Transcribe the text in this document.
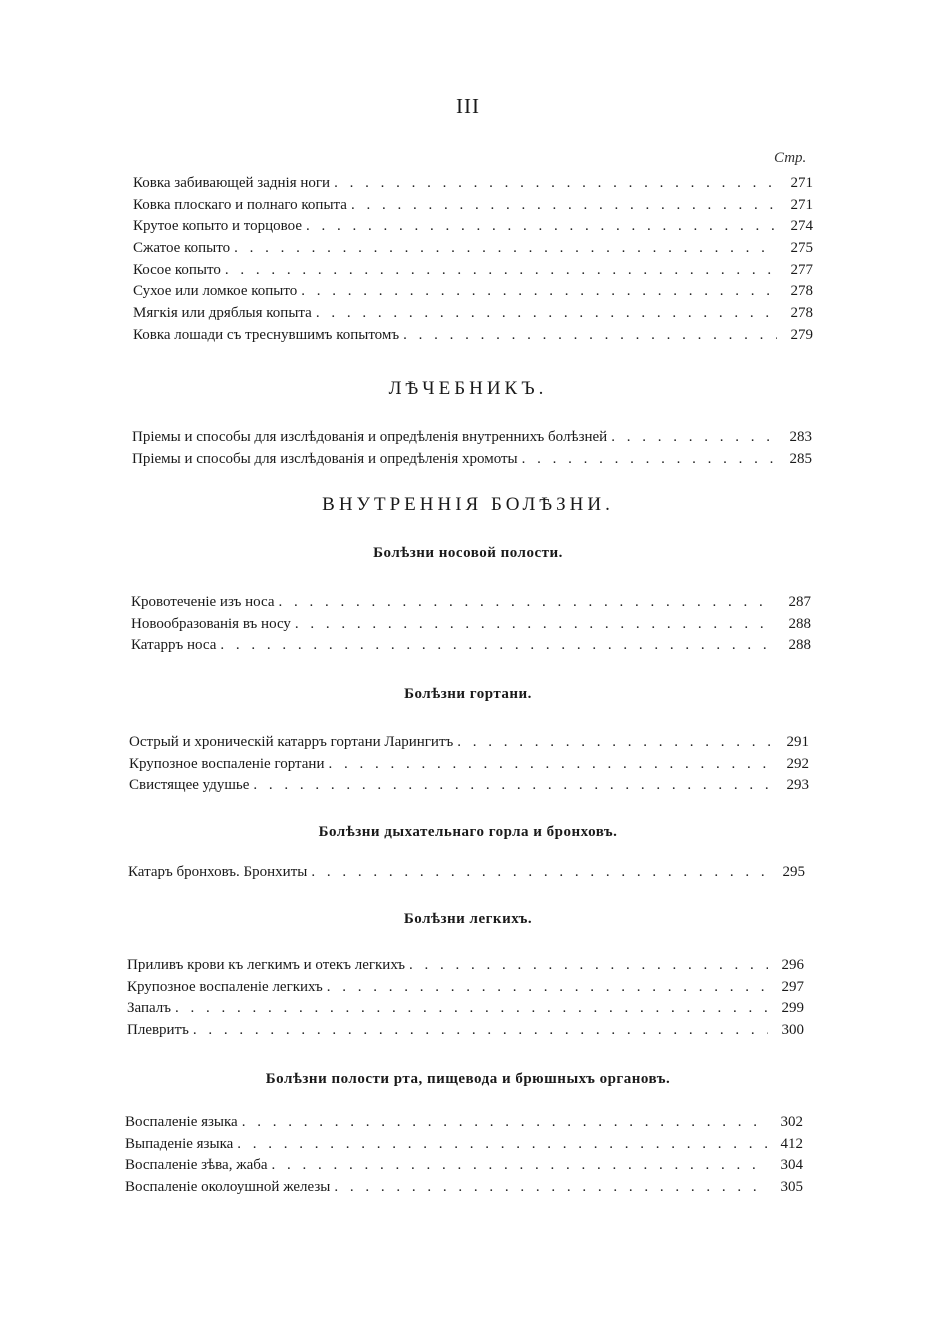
III
Стр.
Ковка забивающей заднія ноги . . .	271
Ковка плоскаго и полнаго копыта . . .	271
Крутое копыто и торцовое . . .	274
Сжатое копыто . . .	275
Косое копыто . . .	277
Сухое или ломкое копыто . . .	278
Мягкія или дряблыя копыта . . .	278
Ковка лошади съ треснувшимъ копытомъ . . .	279
ЛѢЧЕБНИКЪ.
Пріемы и способы для изслѣдованія и опредѣленія внутреннихъ болѣзней . . .	283
Пріемы и способы для изслѣдованія и опредѣленія хромоты . . .	285
ВНУТРЕННІЯ БОЛѢЗНИ.
Болѣзни носовой полости.
Кровотеченіе изъ носа . . .	287
Новообразованія въ носу . . .	288
Катарръ носа . . .	288
Болѣзни гортани.
Острый и хроническій катарръ гортани Ларингитъ . . .	291
Крупозное воспаленіе гортани . . .	292
Свистящее удушье . . .	293
Болѣзни дыхательнаго горла и бронховъ.
Катаръ бронховъ. Бронхиты . . .	295
Болѣзни легкихъ.
Приливъ крови къ легкимъ и отекъ легкихъ . . .	296
Крупозное воспаленіе легкихъ . . .	297
Запалъ . . .	299
Плевритъ . . .	300
Болѣзни полости рта, пищевода и брюшныхъ органовъ.
Воспаленіе языка . . .	302
Выпаденіе языка . . .	412
Воспаленіе зѣва, жаба . . .	304
Воспаленіе околоушной железы . . .	305
